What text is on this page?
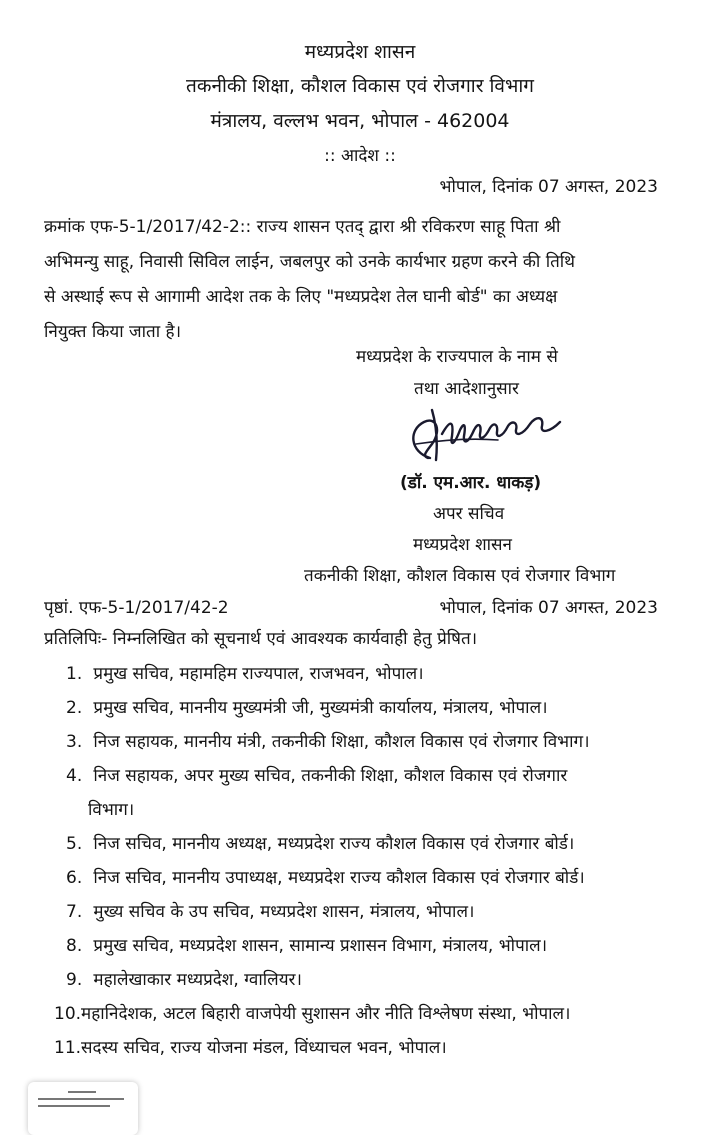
मध्यप्रदेश शासन
तकनीकी शिक्षा, कौशल विकास एवं रोजगार विभाग
मंत्रालय, वल्लभ भवन, भोपाल - 462004
:: आदेश ::
भोपाल, दिनांक 07 अगस्त, 2023
क्रमांक एफ-5-1/2017/42-2:: राज्य शासन एतद् द्वारा श्री रविकरण साहू पिता श्री
अभिमन्यु साहू, निवासी सिविल लाईन, जबलपुर को उनके कार्यभार ग्रहण करने की तिथि
से अस्थाई रूप से आगामी आदेश तक के लिए "मध्यप्रदेश तेल घानी बोर्ड" का अध्यक्ष
नियुक्त किया जाता है।
मध्यप्रदेश के राज्यपाल के नाम से
तथा आदेशानुसार
(डॉ. एम.आर. धाकड़)
अपर सचिव
मध्यप्रदेश शासन
तकनीकी शिक्षा, कौशल विकास एवं रोजगार विभाग
पृष्ठां. एफ-5-1/2017/42-2	भोपाल, दिनांक 07 अगस्त, 2023
प्रतिलिपिः- निम्नलिखित को सूचनार्थ एवं आवश्यक कार्यवाही हेतु प्रेषित।
1. प्रमुख सचिव, महामहिम राज्यपाल, राजभवन, भोपाल।
2. प्रमुख सचिव, माननीय मुख्यमंत्री जी, मुख्यमंत्री कार्यालय, मंत्रालय, भोपाल।
3. निज सहायक, माननीय मंत्री, तकनीकी शिक्षा, कौशल विकास एवं रोजगार विभाग।
4. निज सहायक, अपर मुख्य सचिव, तकनीकी शिक्षा, कौशल विकास एवं रोजगार
विभाग।
5. निज सचिव, माननीय अध्यक्ष, मध्यप्रदेश राज्य कौशल विकास एवं रोजगार बोर्ड।
6. निज सचिव, माननीय उपाध्यक्ष, मध्यप्रदेश राज्य कौशल विकास एवं रोजगार बोर्ड।
7. मुख्य सचिव के उप सचिव, मध्यप्रदेश शासन, मंत्रालय, भोपाल।
8. प्रमुख सचिव, मध्यप्रदेश शासन, सामान्य प्रशासन विभाग, मंत्रालय, भोपाल।
9. महालेखाकार मध्यप्रदेश, ग्वालियर।
10.महानिदेशक, अटल बिहारी वाजपेयी सुशासन और नीति विश्लेषण संस्था, भोपाल।
11.सदस्य सचिव, राज्य योजना मंडल, विंध्याचल भवन, भोपाल।
